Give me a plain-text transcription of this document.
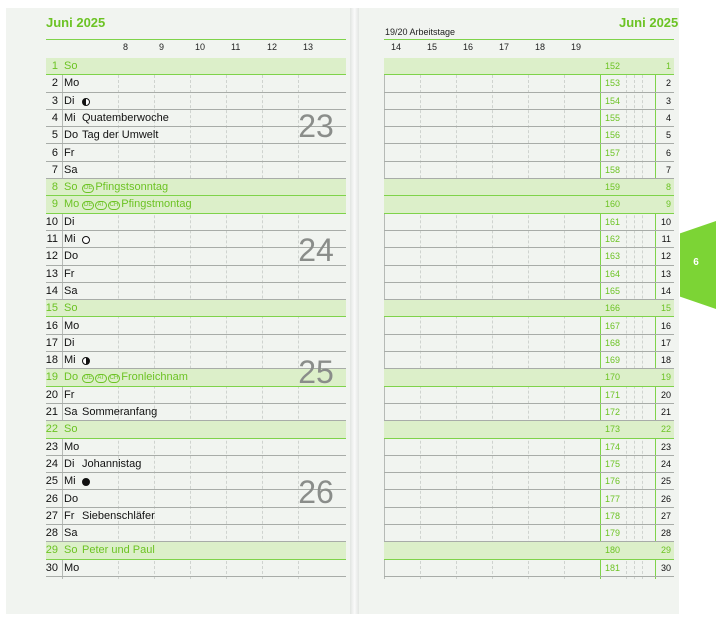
Juni 2025	Juni 2025
19/20 Arbeitstage
8	9	10	11	12	13	14	15	16	17	18	19
1 So	152	1
2 Mo	153	2
3 Di	154	3
4 Mi Quatemberwoche	155	4
5 Do Tag der Umwelt	156	5
6 Fr	157	6
7 Sa	158	7
8 So	DE Pfingstsonntag	159	8
9 Mo DE AT CH Pfingstmontag	160	9
10 Di	161	10
11 Mi	162	11
12 Do	163	12
13 Fr	164	13
14 Sa	165	14
15 So	166	15
16 Mo	167	16
17 Di	168	17
18 Mi	169	18
19 Do DE AT CH Fronleichnam	170	19
20 Fr	171	20
21 Sa Sommeranfang	172	21
22 So	173	22
23 Mo	174	23
24 Di Johannistag	175	24
25 Mi	176	25
26 Do	177	26
27 Fr Siebenschläfer	178	27
28 Sa	179	28
29 So Peter und Paul	180	29
30 Mo	181	30
23
24
25
26
6
